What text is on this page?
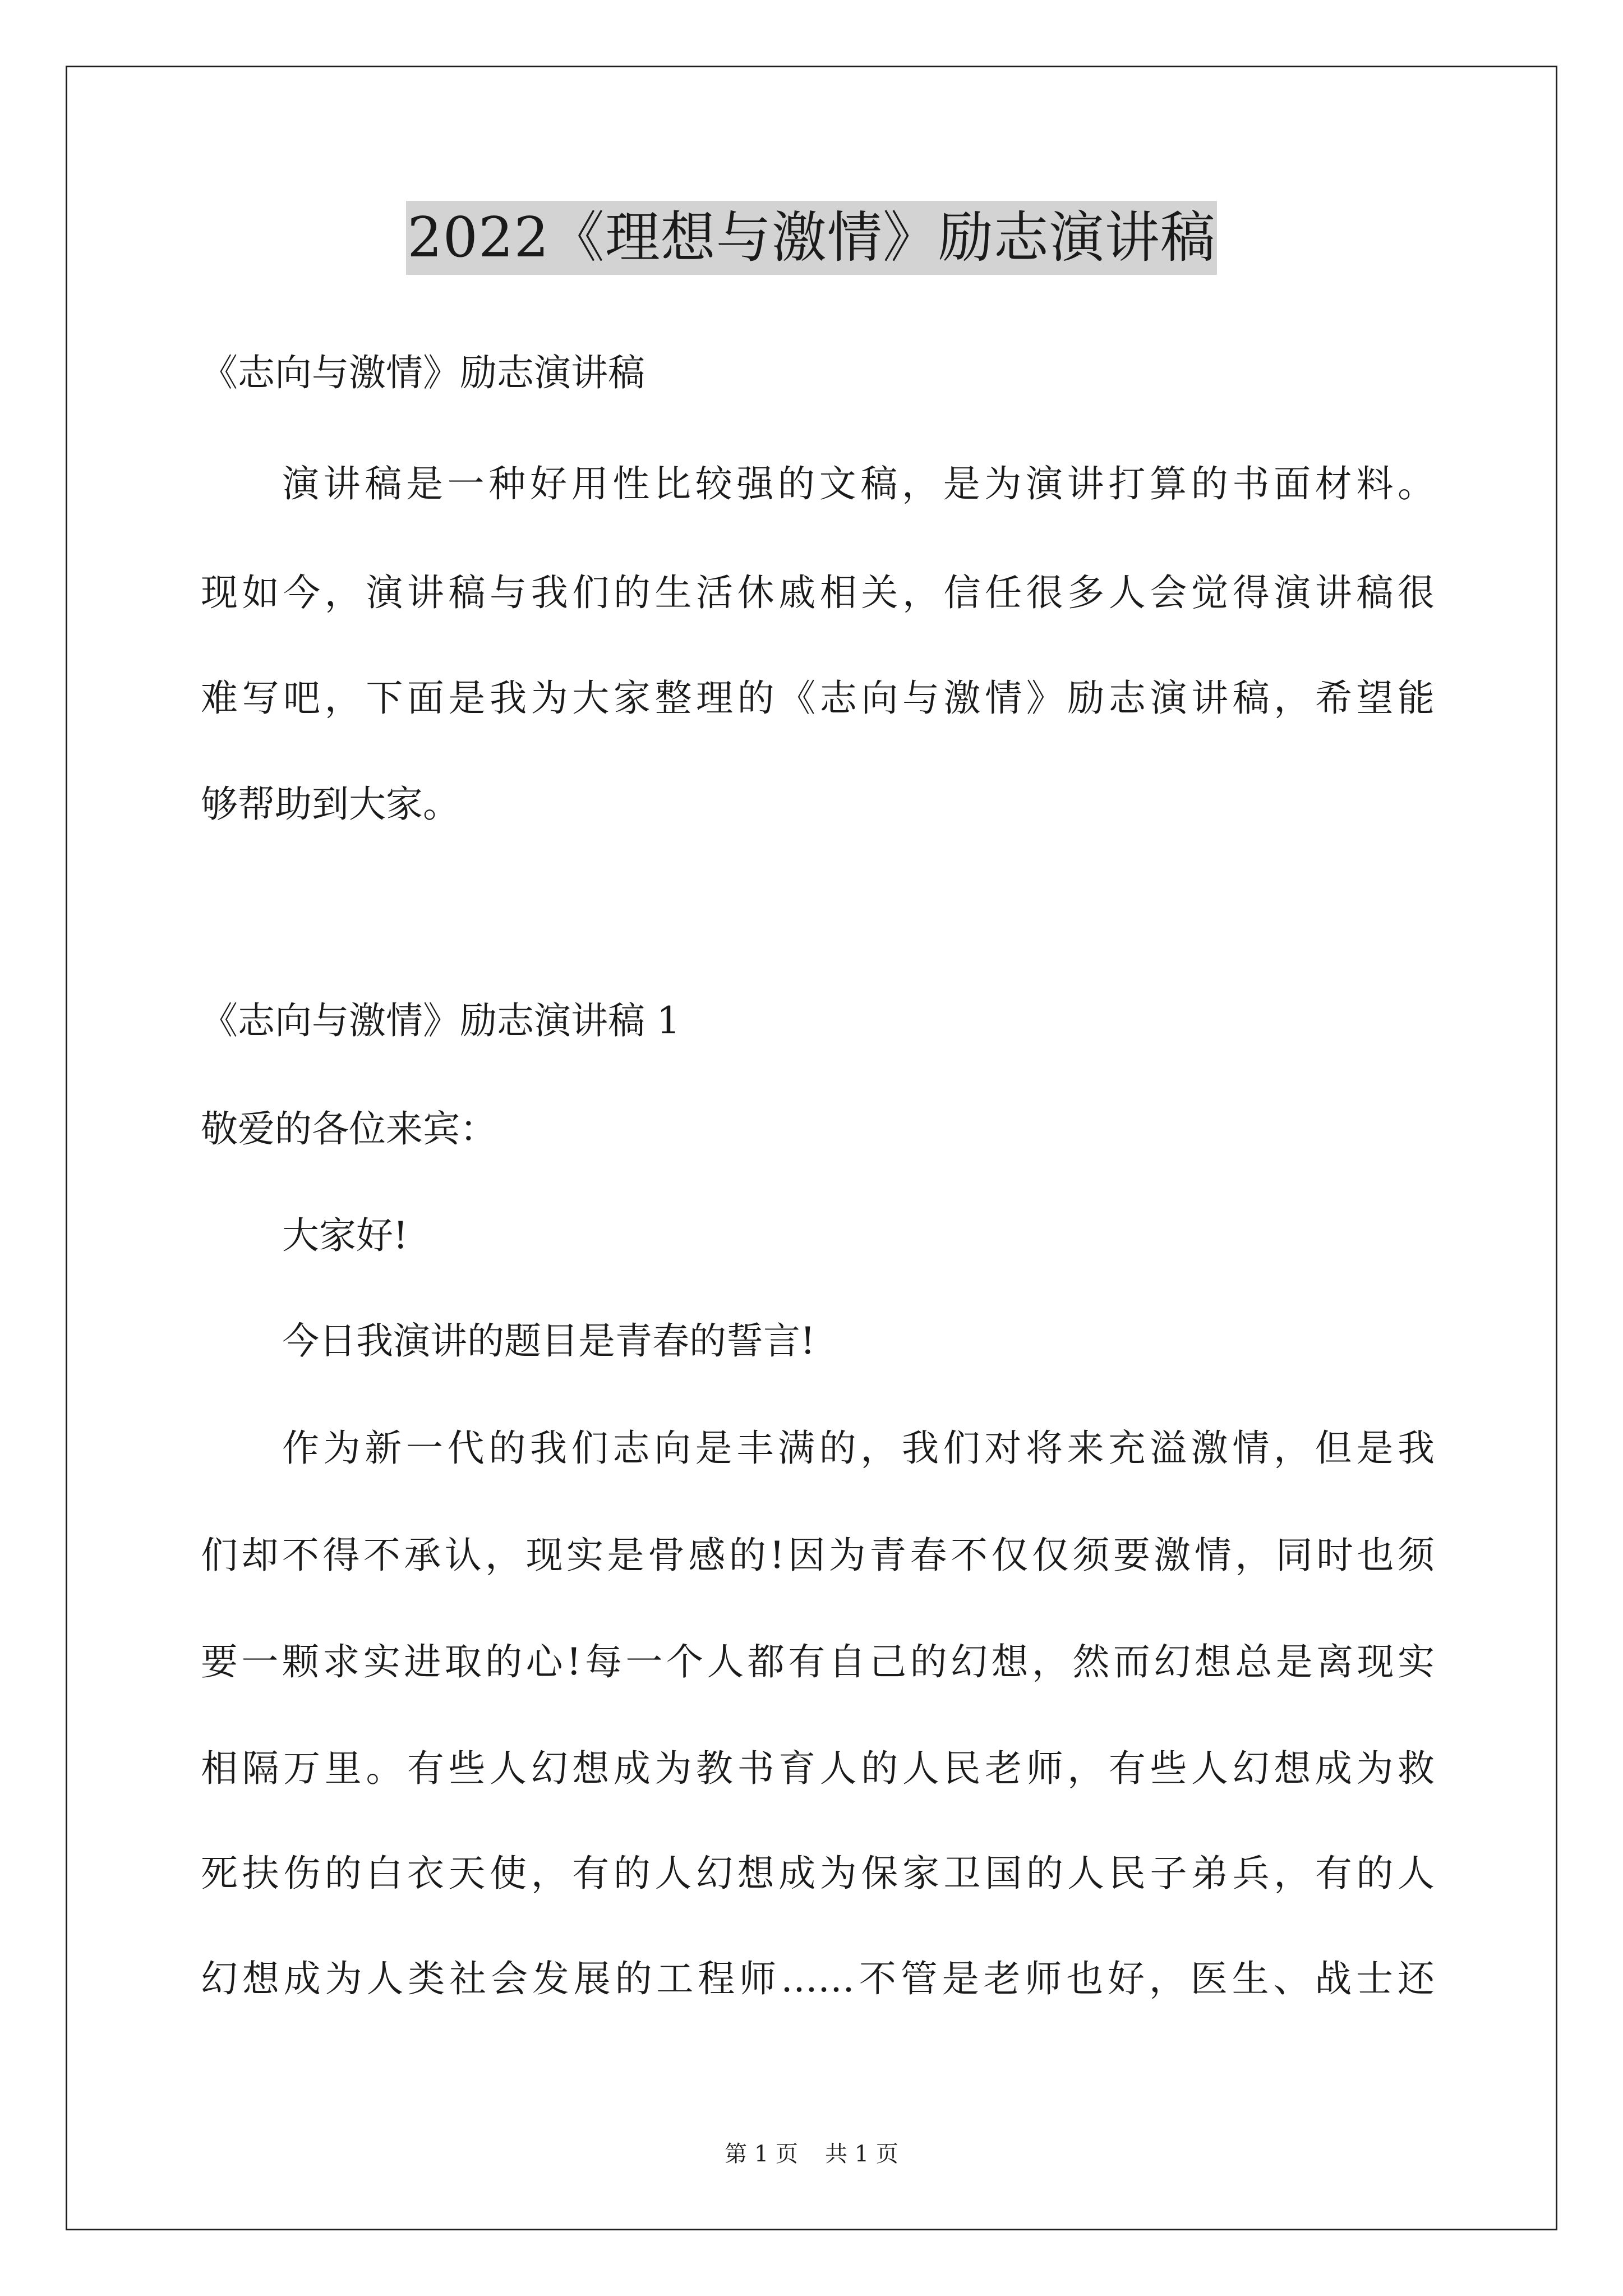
2022《理想与激情》励志演讲稿
《志向与激情》励志演讲稿
演讲稿是一种好用性比较强的文稿，是为演讲打算的书面材料。
现如今，演讲稿与我们的生活休戚相关，信任很多人会觉得演讲稿很
难写吧，下面是我为大家整理的《志向与激情》励志演讲稿，希望能
够帮助到大家。
《志向与激情》励志演讲稿 1
敬爱的各位来宾：
大家好!
今日我演讲的题目是青春的誓言!
作为新一代的我们志向是丰满的，我们对将来充溢激情，但是我
们却不得不承认，现实是骨感的!因为青春不仅仅须要激情，同时也须
要一颗求实进取的心!每一个人都有自己的幻想，然而幻想总是离现实
相隔万里。有些人幻想成为教书育人的人民老师，有些人幻想成为救
死扶伤的白衣天使，有的人幻想成为保家卫国的人民子弟兵，有的人
幻想成为人类社会发展的工程师……不管是老师也好，医生、战士还
第 1 页 共 1 页
